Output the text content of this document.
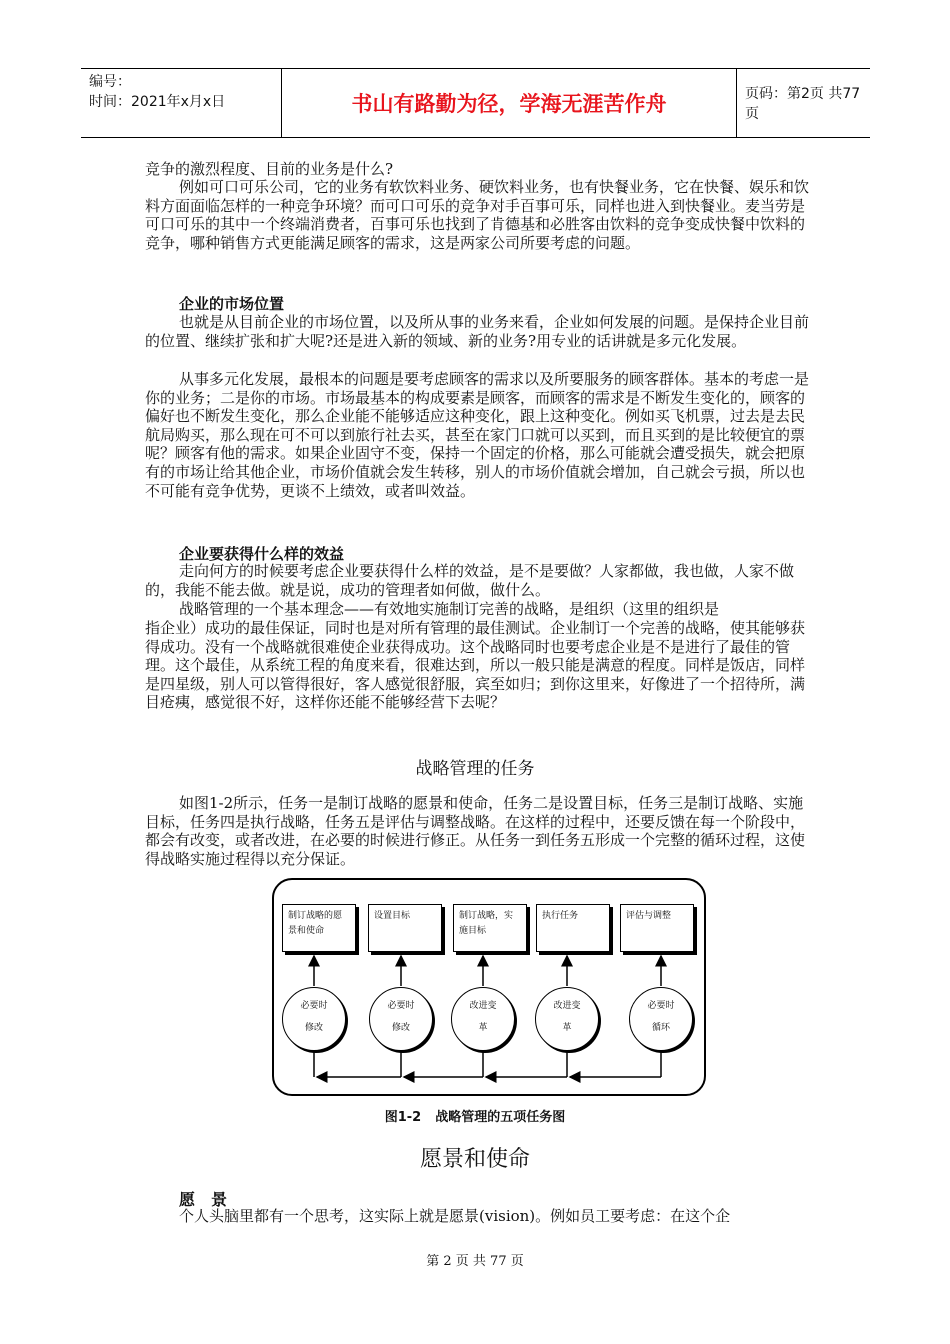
编号：
时间：2021年x月x日	书山有路勤为径，学海无涯苦作舟	页码：第2页 共77页

竞争的激烈程度、目前的业务是什么?

例如可口可乐公司，它的业务有软饮料业务、硬饮料业务，也有快餐业务，它在快餐、娱乐和饮料方面面临怎样的一种竞争环境？而可口可乐的竞争对手百事可乐，同样也进入到快餐业。麦当劳是可口可乐的其中一个终端消费者，百事可乐也找到了肯德基和必胜客由饮料的竞争变成快餐中饮料的竞争，哪种销售方式更能满足顾客的需求，这是两家公司所要考虑的问题。

企业的市场位置

也就是从目前企业的市场位置，以及所从事的业务来看，企业如何发展的问题。是保持企业目前的位置、继续扩张和扩大呢?还是进入新的领域、新的业务?用专业的话讲就是多元化发展。

从事多元化发展，最根本的问题是要考虑顾客的需求以及所要服务的顾客群体。基本的考虑一是你的业务；二是你的市场。市场最基本的构成要素是顾客，而顾客的需求是不断发生变化的，顾客的偏好也不断发生变化，那么企业能不能够适应这种变化，跟上这种变化。例如买飞机票，过去是去民航局购买，那么现在可不可以到旅行社去买，甚至在家门口就可以买到，而且买到的是比较便宜的票呢？顾客有他的需求。如果企业固守不变，保持一个固定的价格，那么可能就会遭受损失，就会把原有的市场让给其他企业，市场价值就会发生转移，别人的市场价值就会增加，自己就会亏损，所以也不可能有竞争优势，更谈不上绩效，或者叫效益。

企业要获得什么样的效益

走向何方的时候要考虑企业要获得什么样的效益，是不是要做？人家都做，我也做，人家不做的，我能不能去做。就是说，成功的管理者如何做，做什么。

战略管理的一个基本理念——有效地实施制订完善的战略，是组织（这里的组织是

指企业）成功的最佳保证，同时也是对所有管理的最佳测试。企业制订一个完善的战略，使其能够获得成功。没有一个战略就很难使企业获得成功。这个战略同时也要考虑企业是不是进行了最佳的管理。这个最佳，从系统工程的角度来看，很难达到，所以一般只能是满意的程度。同样是饭店，同样是四星级，别人可以管得很好，客人感觉很舒服，宾至如归；到你这里来，好像进了一个招待所，满目疮痍，感觉很不好，这样你还能不能够经营下去呢？

战略管理的任务

如图1-2所示，任务一是制订战略的愿景和使命，任务二是设置目标，任务三是制订战略、实施目标，任务四是执行战略，任务五是评估与调整战略。在这样的过程中，还要反馈在每一个阶段中，都会有改变，或者改进，在必要的时候进行修正。从任务一到任务五形成一个完整的循环过程，这使得战略实施过程得以充分保证。

制订战略的愿景和使命
设置目标	制订战略，实施目标
执行任务	评估与调整
必要时
修改
必要时
修改
改进变
革
改进变
革
必要时
循环
图1-2 战略管理的五项任务图
愿景和使命
愿　景

个人头脑里都有一个思考，这实际上就是愿景(vision)。例如员工要考虑：在这个企

第 2 页 共 77 页
